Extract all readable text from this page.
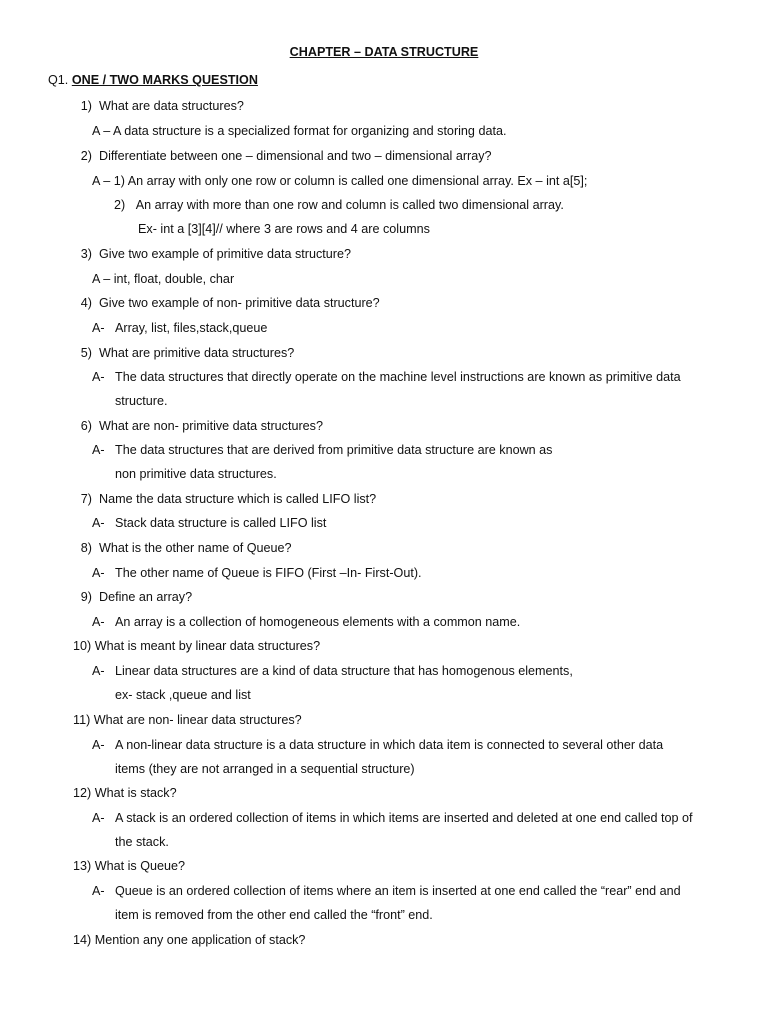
CHAPTER – DATA STRUCTURE
Q1. ONE / TWO MARKS QUESTION
1) What are data structures?
A – A data structure is a specialized format for organizing and storing data.
2) Differentiate between one – dimensional and two – dimensional array?
A – 1) An array with only one row or column is called one dimensional array. Ex – int a[5];
2) An array with more than one row and column is called two dimensional array.
Ex- int a [3][4]// where 3 are rows and 4 are columns
3) Give two example of primitive data structure?
A – int, float, double, char
4) Give two example of non- primitive data structure?
A- Array, list, files,stack,queue
5) What are primitive data structures?
A- The data structures that directly operate on the machine level instructions are known as primitive data
structure.
6) What are non- primitive data structures?
A- The data structures that are derived from primitive data structure are known as
non primitive data structures.
7) Name the data structure which is called LIFO list?
A- Stack data structure is called LIFO list
8) What is the other name of Queue?
A- The other name of Queue is FIFO (First –In- First-Out).
9) Define an array?
A- An array is a collection of homogeneous elements with a common name.
10) What is meant by linear data structures?
A- Linear data structures are a kind of data structure that has homogenous elements,
ex- stack ,queue and list
11) What are non- linear data structures?
A- A non-linear data structure is a data structure in which data item is connected to several other data
items (they are not arranged in a sequential structure)
12) What is stack?
A- A stack is an ordered collection of items in which items are inserted and deleted at one end called top of
the stack.
13) What is Queue?
A- Queue is an ordered collection of items where an item is inserted at one end called the “rear” end and
item is removed from the other end called the “front” end.
14) Mention any one application of stack?
